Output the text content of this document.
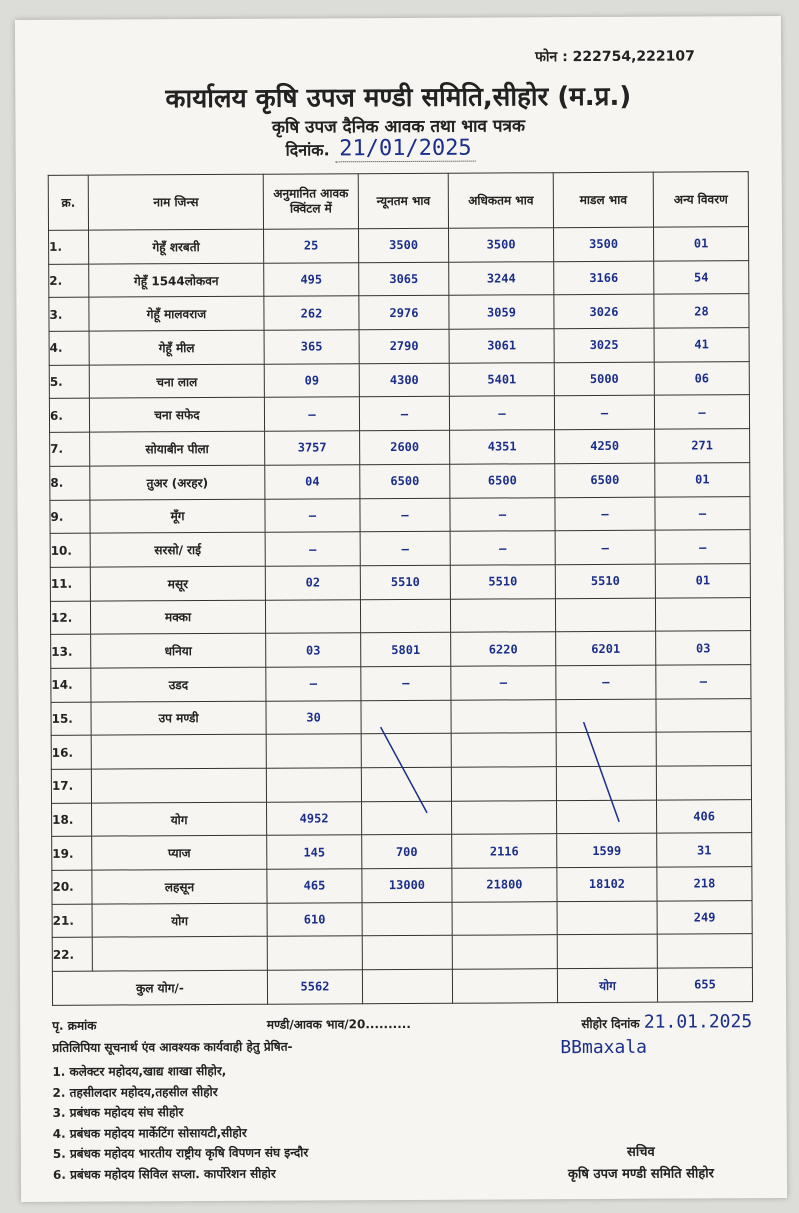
फोन : 222754,222107
कार्यालय कृषि उपज मण्डी समिति,सीहोर (म.प्र.)
कृषि उपज दैनिक आवक तथा भाव पत्रक
दिनांक. 21/01/2025
क्र.	नाम जिन्स	अनुमानित आवक क्विंटल में	न्यूनतम भाव	अधिकतम भाव	माडल भाव	अन्य विवरण
1.	गेहूँ शरबती	25	3500	3500	3500	01
2.	गेहूँ 1544लोकवन	495	3065	3244	3166	54
3.	गेहूँ मालवराज	262	2976	3059	3026	28
4.	गेहूँ मील	365	2790	3061	3025	41
5.	चना लाल	09	4300	5401	5000	06
6.	चना सफेद	—	—	—	—	—
7.	सोयाबीन पीला	3757	2600	4351	4250	271
8.	तुअर (अरहर)	04	6500	6500	6500	01
9.	मूँग	—	—	—	—	—
10.	सरसो/ राई	—	—	—	—	—
11.	मसूर	02	5510	5510	5510	01
12.	मक्का					
13.	धनिया	03	5801	6220	6201	03
14.	उडद	—	—	—	—	—
15.	उप मण्डी	30				
16.						
17.						
18.	योग	4952				406
19.	प्याज	145	700	2116	1599	31
20.	लहसून	465	13000	21800	18102	218
21.	योग	610				249
22.						
कुल योग/-		5562			योग	655
पृ. क्रमांक	मण्डी/आवक भाव/20..........	सीहोर दिनांक 21.01.2025
प्रतिलिपिया सूचनार्थ एंव आवश्यक कार्यवाही हेतु प्रेषित-
1. कलेक्टर महोदय,खाद्य शाखा सीहोर,
2. तहसीलदार महोदय,तहसील सीहोर
3. प्रबंधक महोदय संघ सीहोर
4. प्रबंधक महोदय मार्केटिंग सोसायटी,सीहोर
5. प्रबंधक महोदय भारतीय राष्ट्रीय कृषि विपणन संघ इन्दौर
6. प्रबंधक महोदय सिविल सप्ला. कार्पोरेशन सीहोर
BBmaxala
सचिव
कृषि उपज मण्डी समिति सीहोर
